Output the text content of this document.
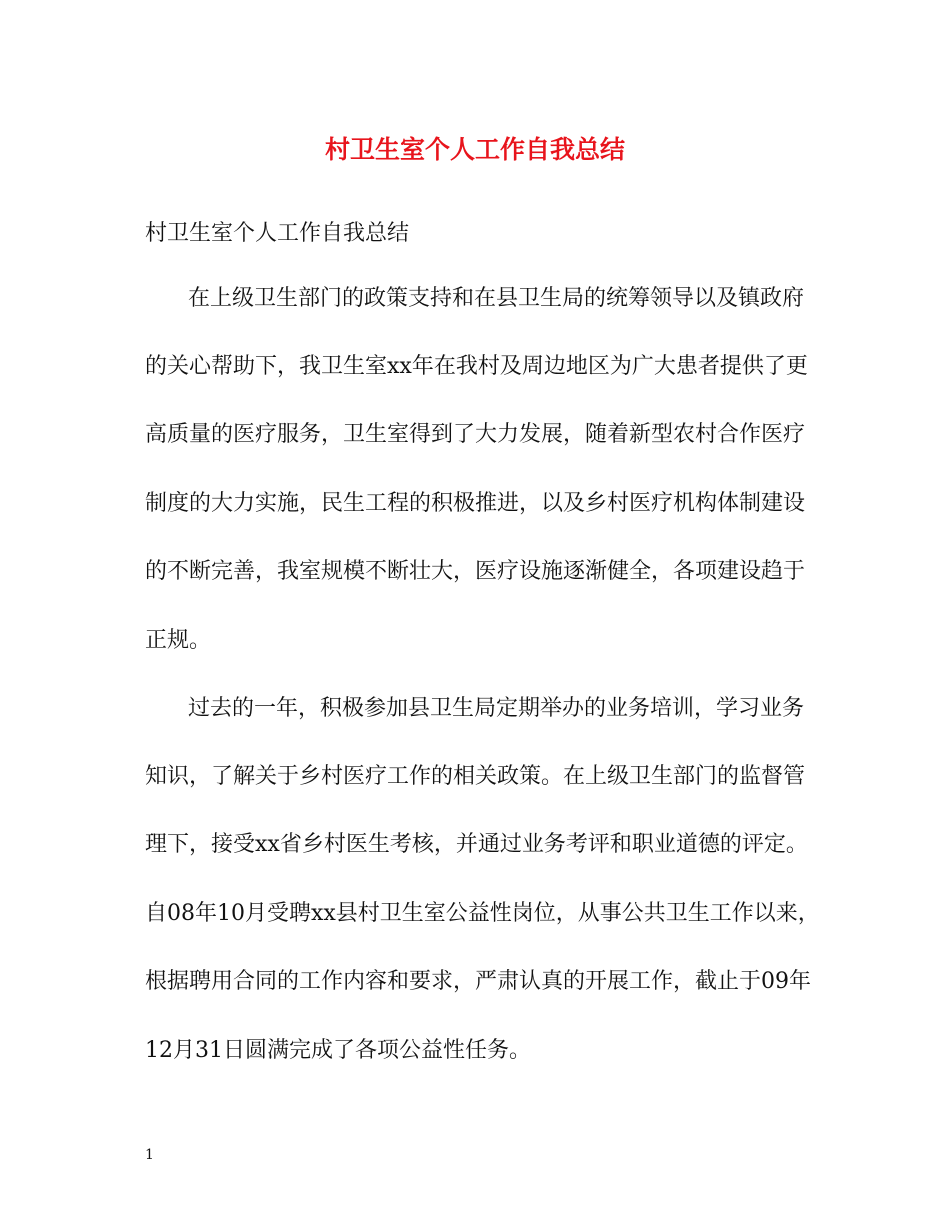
村卫生室个人工作自我总结

村卫生室个人工作自我总结

在上级卫生部门的政策支持和在县卫生局的统筹领导以及镇政府

的关心帮助下，我卫生室xx年在我村及周边地区为广大患者提供了更

高质量的医疗服务，卫生室得到了大力发展，随着新型农村合作医疗

制度的大力实施，民生工程的积极推进，以及乡村医疗机构体制建设

的不断完善，我室规模不断壮大，医疗设施逐渐健全，各项建设趋于

正规。

过去的一年，积极参加县卫生局定期举办的业务培训，学习业务

知识，了解关于乡村医疗工作的相关政策。在上级卫生部门的监督管

理下，接受xx省乡村医生考核，并通过业务考评和职业道德的评定。

自08年10月受聘xx县村卫生室公益性岗位，从事公共卫生工作以来，

根据聘用合同的工作内容和要求，严肃认真的开展工作，截止于09年

12月31日圆满完成了各项公益性任务。

1
